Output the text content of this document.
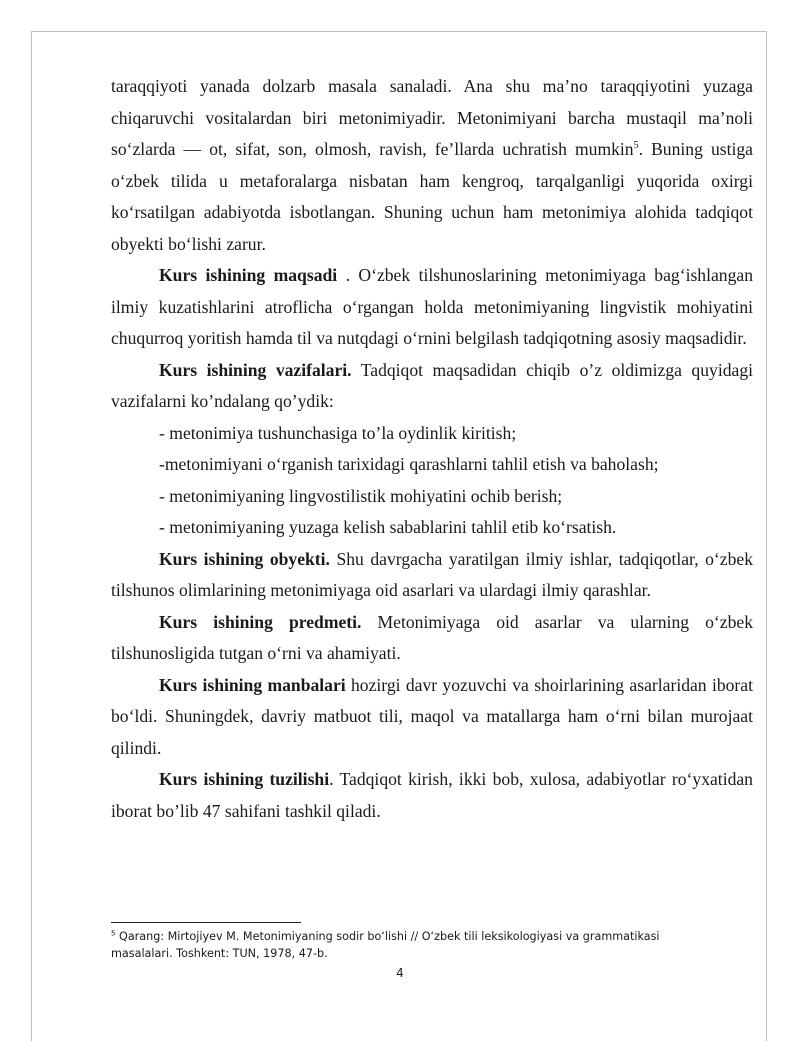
taraqqiyoti yanada dolzarb masala sanaladi. Ana shu ma’no taraqqiyotini yuzaga chiqaruvchi vositalardan biri metonimiyadir. Metonimiyani barcha mustaqil ma’noli so‘zlarda — ot, sifat, son, olmosh, ravish, fe’llarda uchratish mumkin$^5$. Buning ustiga o‘zbek tilida u metaforalarga nisbatan ham kengroq, tarqalganligi yuqorida oxirgi ko‘rsatilgan adabiyotda isbotlangan. Shuning uchun ham metonimiya alohida tadqiqot obyekti bo‘lishi zarur.

Kurs ishining maqsadi . O‘zbek tilshunoslarining metonimiyaga bag‘ishlangan ilmiy kuzatishlarini atroflicha o‘rgangan holda metonimiyaning lingvistik mohiyatini chuqurroq yoritish hamda til va nutqdagi o‘rnini belgilash tadqiqotning asosiy maqsadidir.

Kurs ishining vazifalari. Tadqiqot maqsadidan chiqib o’z oldimizga quyidagi vazifalarni ko’ndalang qo’ydik:

- metonimiya tushunchasiga to’la oydinlik kiritish;

-metonimiyani o‘rganish tarixidagi qarashlarni tahlil etish va baholash;

- metonimiyaning lingvostilistik mohiyatini ochib berish;

- metonimiyaning yuzaga kelish sabablarini tahlil etib ko‘rsatish.

Kurs ishining obyekti. Shu davrgacha yaratilgan ilmiy ishlar, tadqiqotlar, o‘zbek tilshunos olimlarining metonimiyaga oid asarlari va ulardagi ilmiy qarashlar.

Kurs ishining predmeti. Metonimiyaga oid asarlar va ularning o‘zbek tilshunosligida tutgan o‘rni va ahamiyati.

Kurs ishining manbalari hozirgi davr yozuvchi va shoirlarining asarlaridan iborat bo‘ldi. Shuningdek, davriy matbuot tili, maqol va matallarga ham o‘rni bilan murojaat qilindi.

Kurs ishining tuzilishi. Tadqiqot kirish, ikki bob, xulosa, adabiyotlar ro‘yxatidan iborat bo’lib 47 sahifani tashkil qiladi.

$^5$ Qarang: Mirtojiyev M. Metonimiyaning sodir bo‘lishi // O‘zbek tili leksikologiyasi va grammatikasi masalalari. Toshkent: TUN, 1978, 47-b.

4
